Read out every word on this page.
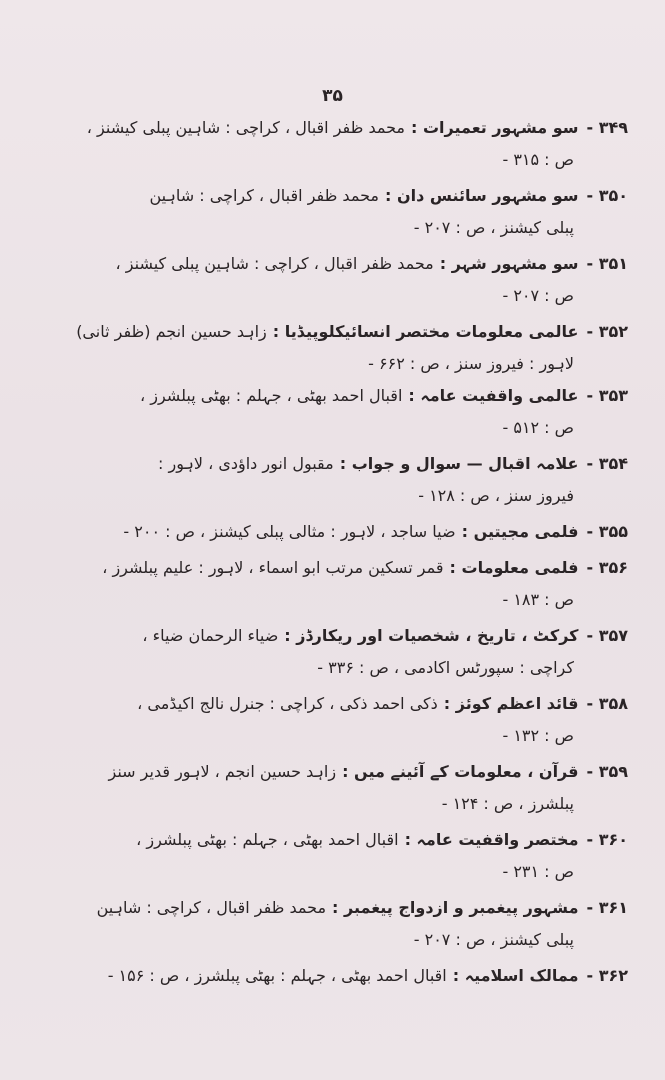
۳۵
۳۴۹ -
سو مشہور تعمیرات :
محمد ظفر اقبال ، کراچی : شاہین پبلی کیشنز ،
ص : ۳۱۵ -
۳۵۰ -
سو مشہور سائنس دان :
محمد ظفر اقبال ، کراچی : شاہین
پبلی کیشنز ، ص : ۲۰۷ -
۳۵۱ -
سو مشہور شہر :
محمد ظفر اقبال ، کراچی : شاہین پبلی کیشنز ،
ص : ۲۰۷ -
۳۵۲ -
عالمی معلومات مختصر انسائیکلوپیڈیا :
زاہد حسین انجم (ظفر ثانی)
لاہور : فیروز سنز ، ص : ۶۶۲ -
۳۵۳ -
عالمی واقفیت عامہ :
اقبال احمد بھٹی ، جہلم : بھٹی پبلشرز ،
ص : ۵۱۲ -
۳۵۴ -
علامہ اقبال — سوال و جواب :
مقبول انور داؤدی ، لاہور :
فیروز سنز ، ص : ۱۲۸ -
۳۵۵ -
فلمی مجیتیں :
ضیا ساجد ، لاہور : مثالی پبلی کیشنز ، ص : ۲۰۰ -
۳۵۶ -
فلمی معلومات :
قمر تسکین مرتب ابو اسماء ، لاہور : علیم پبلشرز ،
ص : ۱۸۳ -
۳۵۷ -
کرکٹ ، تاریخ ، شخصیات اور ریکارڈز :
ضیاء الرحمان ضیاء ،
کراچی : سپورٹس اکادمی ، ص : ۳۳۶ -
۳۵۸ -
قائد اعظم کوئز :
ذکی احمد ذکی ، کراچی : جنرل نالج اکیڈمی ،
ص : ۱۳۲ -
۳۵۹ -
قرآن ، معلومات کے آئینے میں :
زاہد حسین انجم ، لاہور قدیر سنز
پبلشرز ، ص : ۱۲۴ -
۳۶۰ -
مختصر واقفیت عامہ :
اقبال احمد بھٹی ، جہلم : بھٹی پبلشرز ،
ص : ۲۳۱ -
۳۶۱ -
مشہور پیغمبر و ازدواج پیغمبر :
محمد ظفر اقبال ، کراچی : شاہین
پبلی کیشنز ، ص : ۲۰۷ -
۳۶۲ -
ممالک اسلامیہ :
اقبال احمد بھٹی ، جہلم : بھٹی پبلشرز ، ص : ۱۵۶ -
